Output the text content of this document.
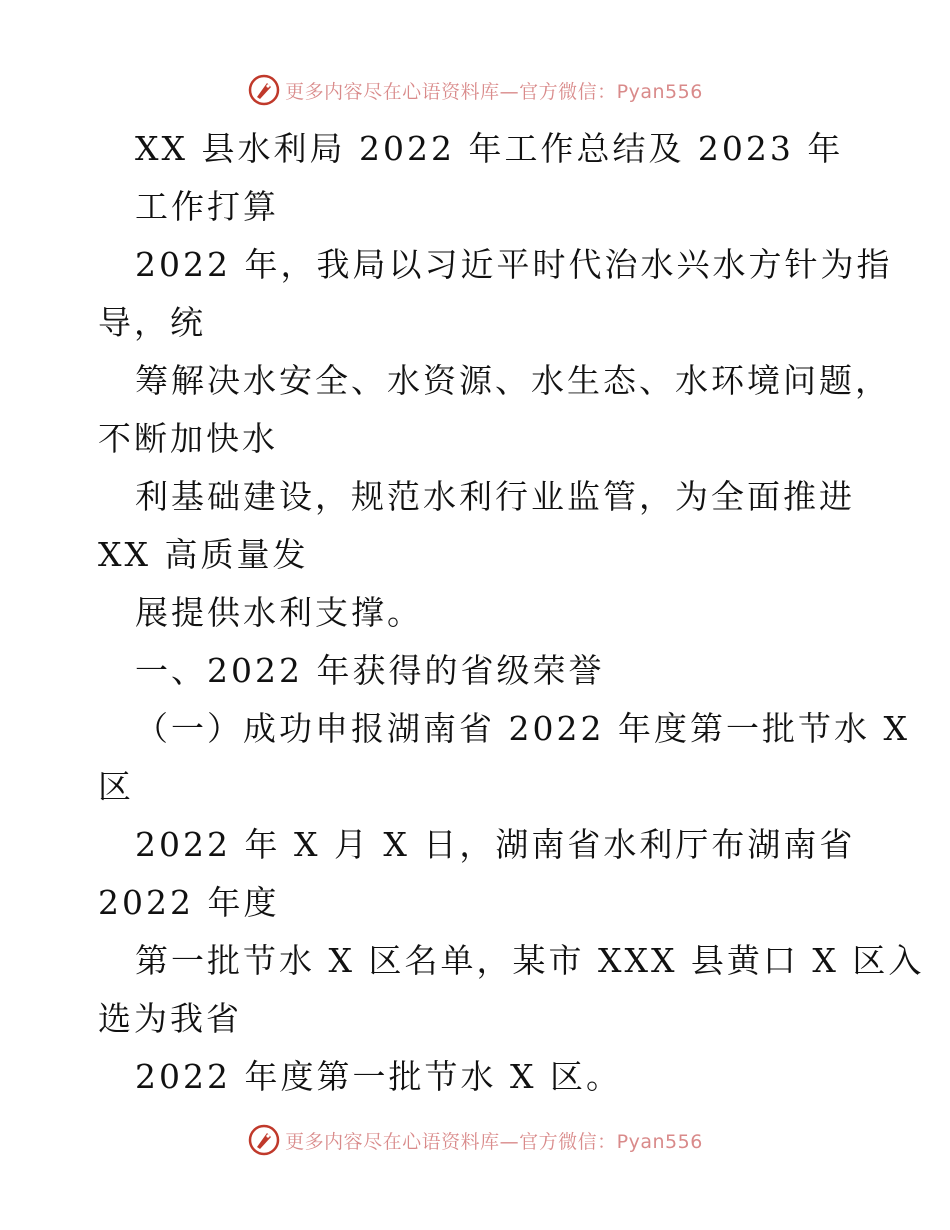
更多内容尽在心语资料库—官方微信：Pyan556
XX 县水利局 2022 年工作总结及 2023 年
工作打算
2022 年，我局以习近平时代治水兴水方针为指
导，统
筹解决水安全、水资源、水生态、水环境问题，
不断加快水
利基础建设，规范水利行业监管，为全面推进
XX 高质量发
展提供水利支撑。
一、2022 年获得的省级荣誉
（一）成功申报湖南省 2022 年度第一批节水 X
区
2022 年 X 月 X 日，湖南省水利厅布湖南省
2022 年度
第一批节水 X 区名单，某市 XXX 县黄口 X 区入
选为我省
2022 年度第一批节水 X 区。
更多内容尽在心语资料库—官方微信：Pyan556
